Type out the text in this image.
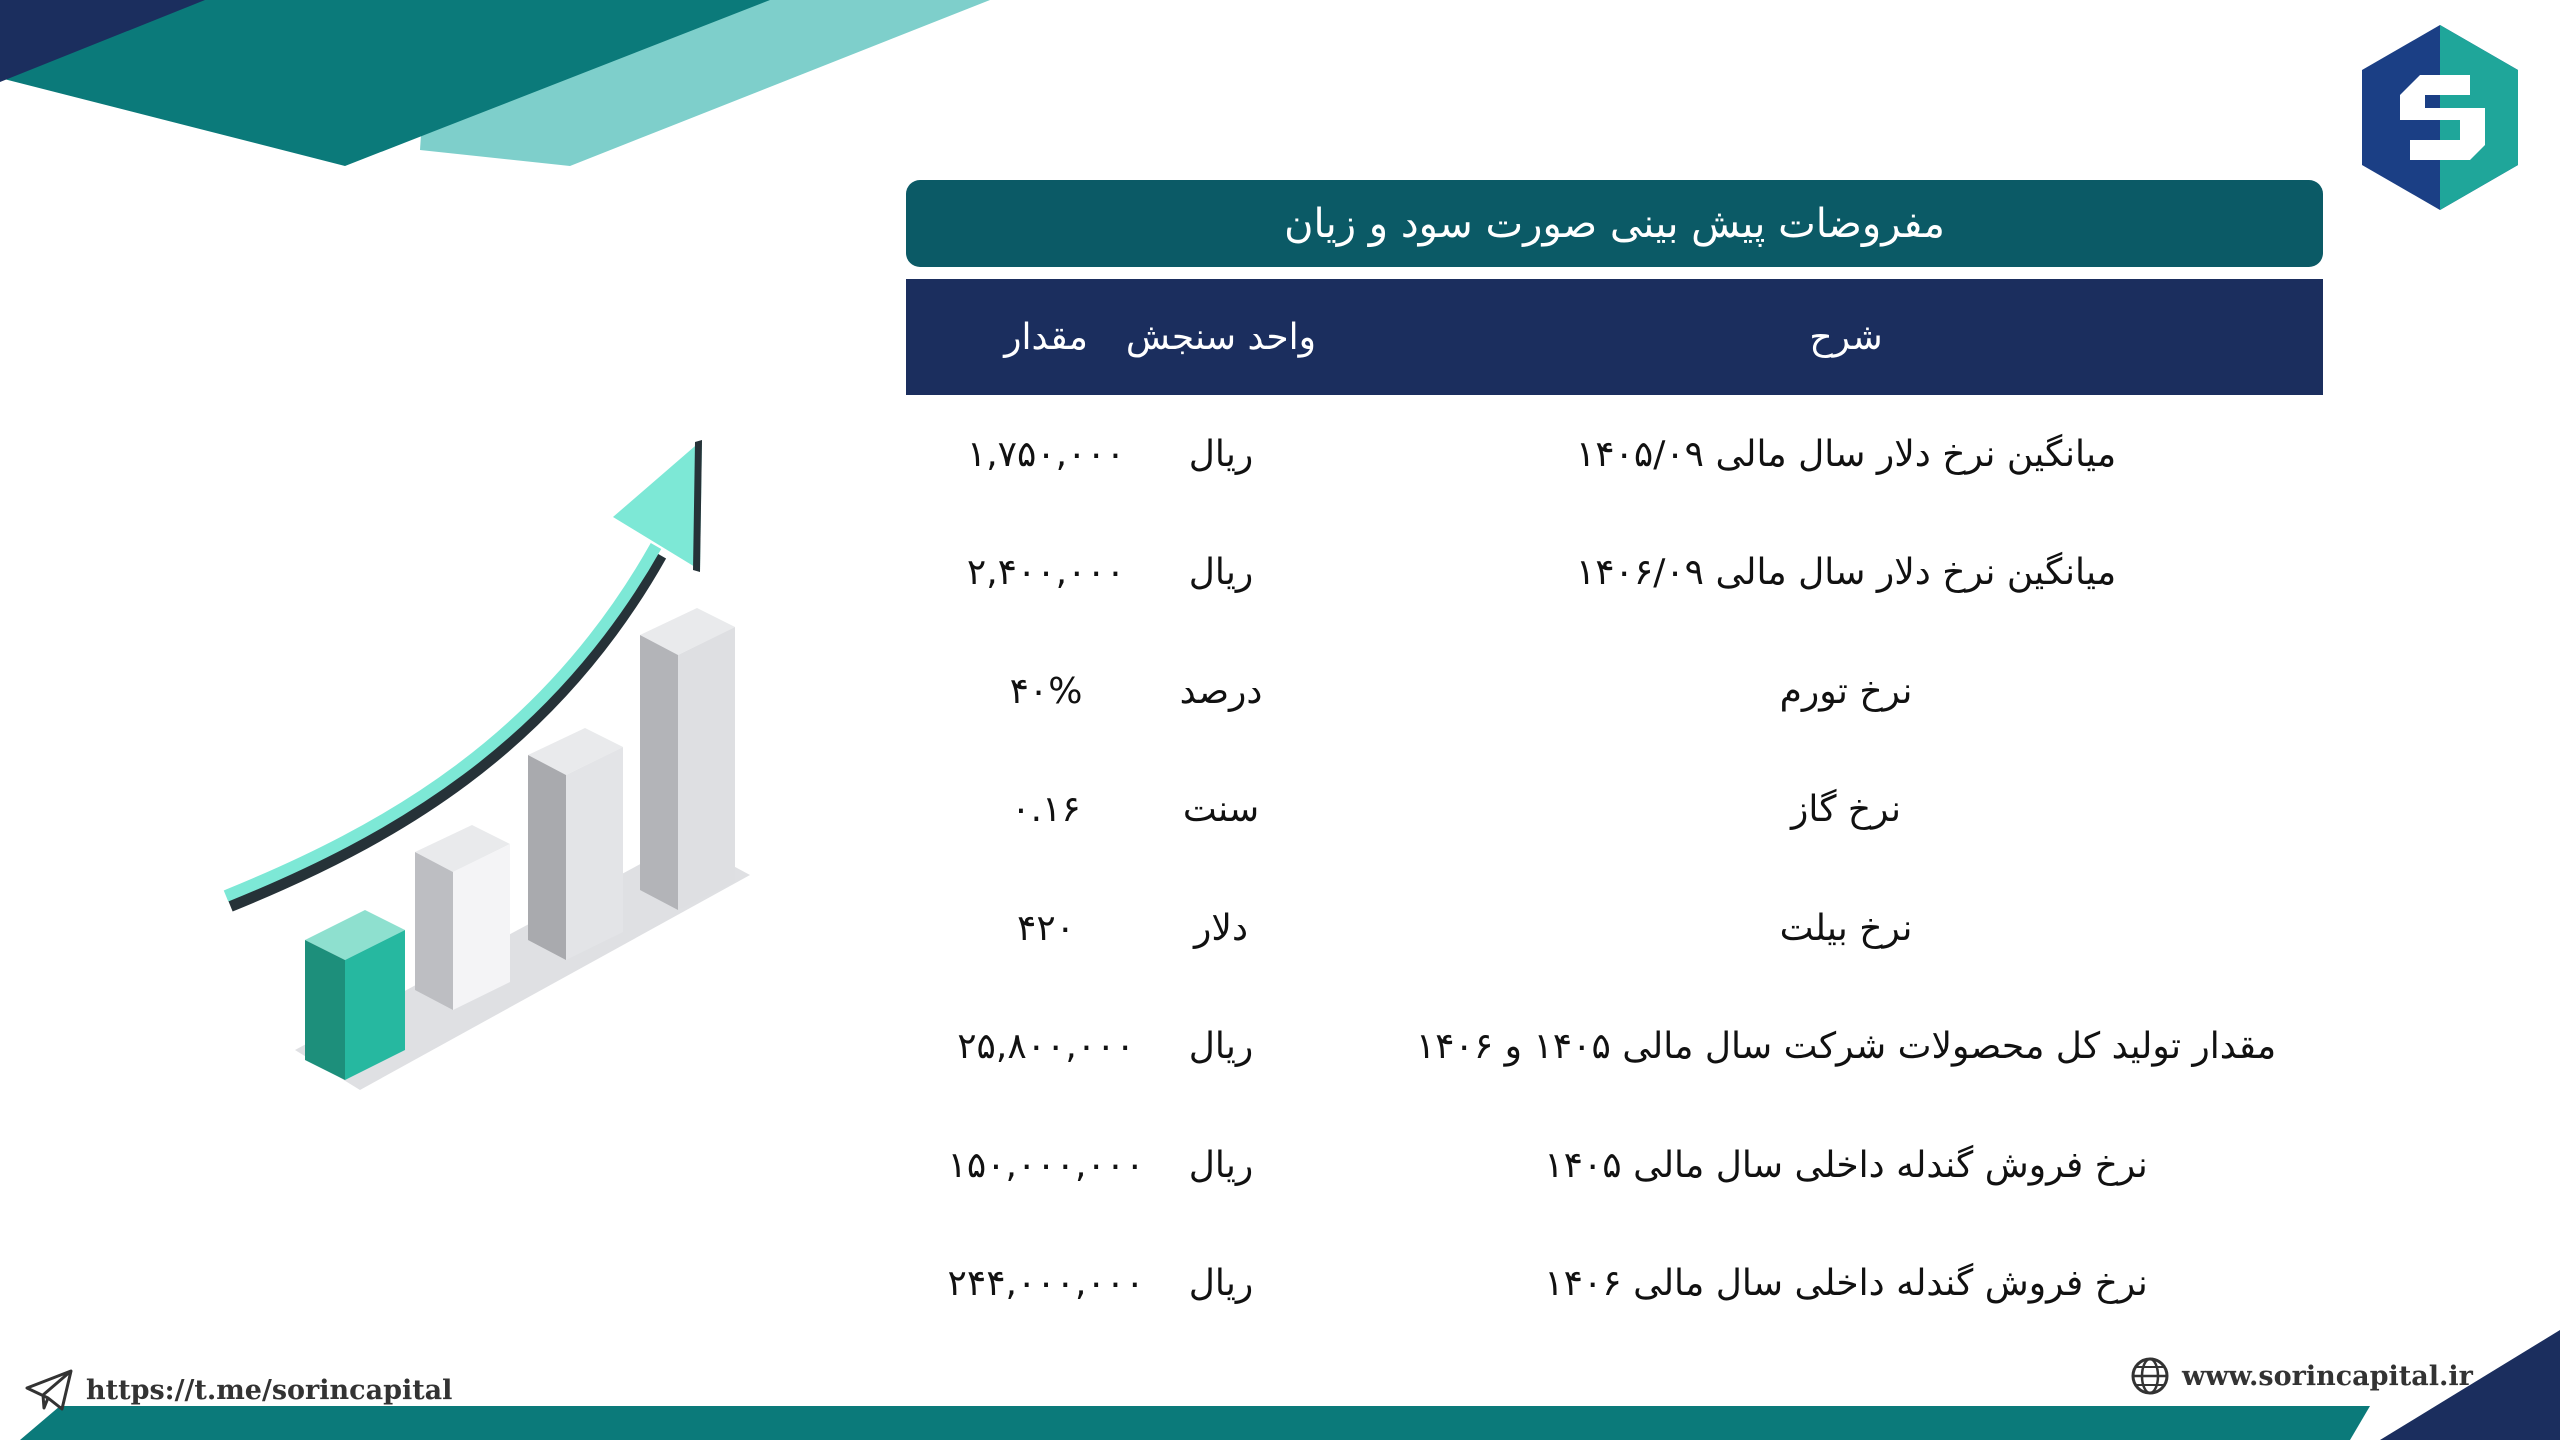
مفروضات پیش بینی صورت سود و زیان
شرح
واحد سنجش
مقدار
میانگین نرخ دلار سال مالی ۱۴۰۵/۰۹
ریال
۱,۷۵۰,۰۰۰
میانگین نرخ دلار سال مالی ۱۴۰۶/۰۹
ریال
۲,۴۰۰,۰۰۰
نرخ تورم
درصد
۴۰%
نرخ گاز
سنت
۰.۱۶
نرخ بیلت
دلار
۴۲۰
مقدار تولید کل محصولات شرکت سال مالی ۱۴۰۵ و ۱۴۰۶
ریال
۲۵,۸۰۰,۰۰۰
نرخ فروش گندله داخلی سال مالی ۱۴۰۵
ریال
۱۵۰,۰۰۰,۰۰۰
نرخ فروش گندله داخلی سال مالی ۱۴۰۶
ریال
۲۴۴,۰۰۰,۰۰۰
https://t.me/sorincapital	www.sorincapital.ir
